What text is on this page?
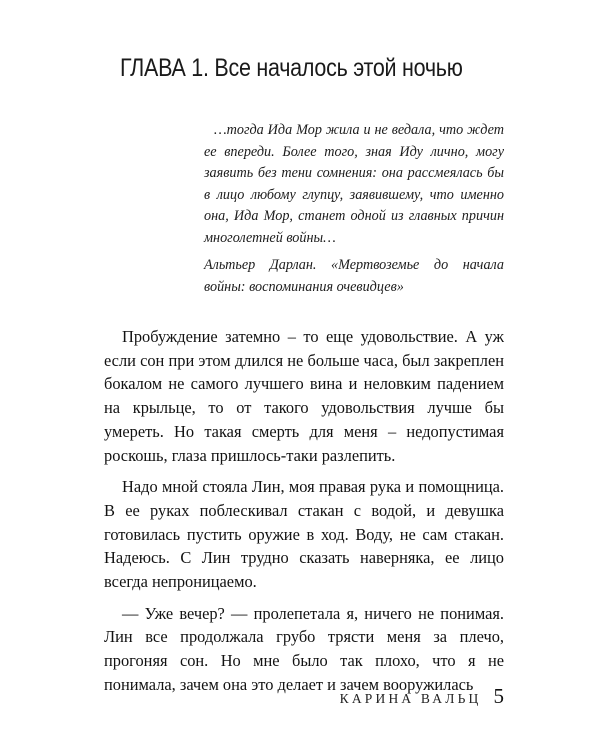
ГЛАВА 1. Все началось этой ночью

…тогда Ида Мор жила и не ведала, что ждет ее впереди. Более того, зная Иду лично, могу заявить без тени сомнения: она рассмеялась бы в лицо любому глупцу, заявившему, что именно она, Ида Мор, станет одной из главных причин многолетней войны…

Альтьер Дарлан. «Мертвоземье до начала войны: воспоминания очевидцев»

Пробуждение затемно – то еще удовольствие. А уж если сон при этом длился не больше часа, был закреплен бокалом не самого лучшего вина и неловким падением на крыльце, то от такого удовольствия лучше бы умереть. Но такая смерть для меня – недопустимая роскошь, глаза пришлось-таки разлепить.

Надо мной стояла Лин, моя правая рука и помощница. В ее руках поблескивал стакан с водой, и девушка готовилась пустить оружие в ход. Воду, не сам стакан. Надеюсь. С Лин трудно сказать наверняка, ее лицо всегда непроницаемо.

— Уже вечер? — пролепетала я, ничего не понимая. Лин все продолжала грубо трясти меня за плечо, прогоняя сон. Но мне было так плохо, что я не понимала, зачем она это делает и зачем вооружилась

КАРИНА ВАЛЬЦ 5
